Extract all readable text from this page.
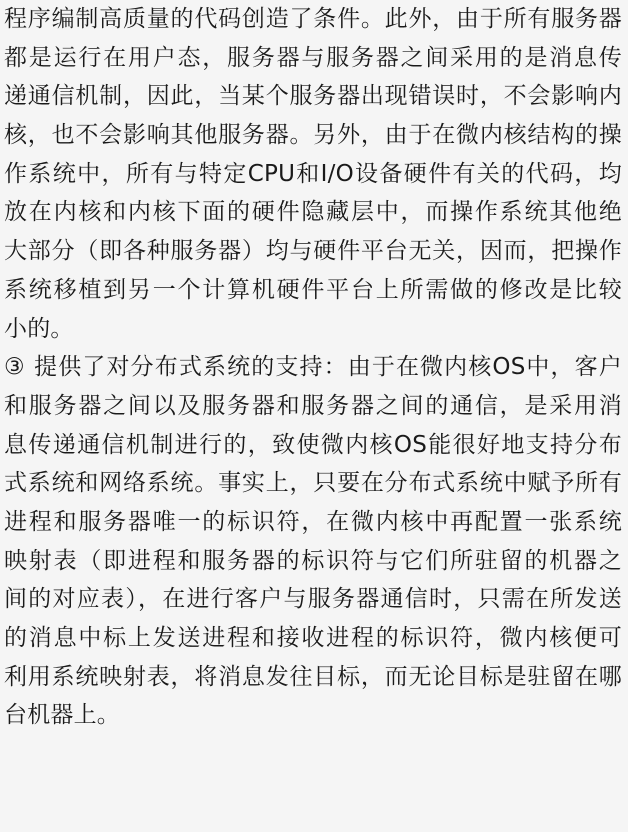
程序编制高质量的代码创造了条件。此外，由于所有服务器
都是运行在用户态，服务器与服务器之间采用的是消息传
递通信机制，因此，当某个服务器出现错误时，不会影响内
核，也不会影响其他服务器。另外，由于在微内核结构的操
作系统中，所有与特定CPU和I/O设备硬件有关的代码，均
放在内核和内核下面的硬件隐藏层中，而操作系统其他绝
大部分（即各种服务器）均与硬件平台无关，因而，把操作
系统移植到另一个计算机硬件平台上所需做的修改是比较
小的。
③ 提供了对分布式系统的支持：由于在微内核OS中，客户
和服务器之间以及服务器和服务器之间的通信，是采用消
息传递通信机制进行的，致使微内核OS能很好地支持分布
式系统和网络系统。事实上，只要在分布式系统中赋予所有
进程和服务器唯一的标识符，在微内核中再配置一张系统
映射表（即进程和服务器的标识符与它们所驻留的机器之
间的对应表），在进行客户与服务器通信时，只需在所发送
的消息中标上发送进程和接收进程的标识符，微内核便可
利用系统映射表，将消息发往目标，而无论目标是驻留在哪
台机器上。
